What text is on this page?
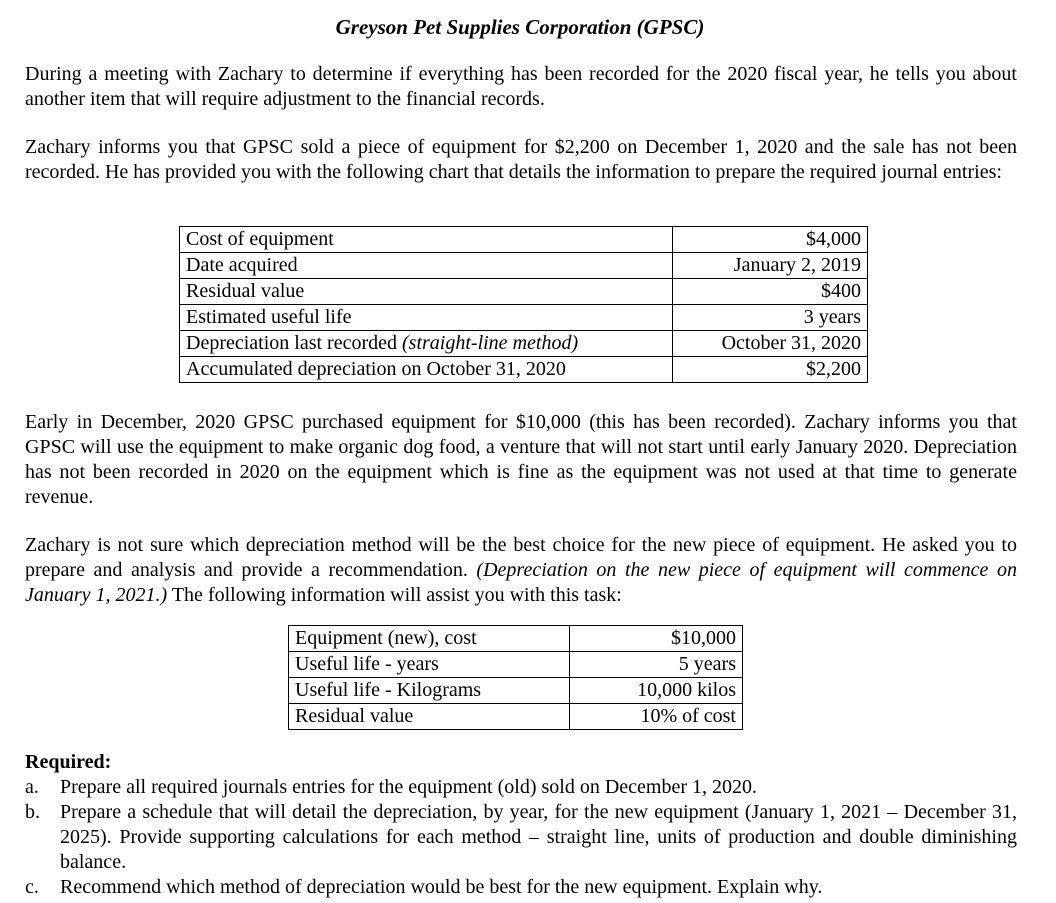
Greyson Pet Supplies Corporation (GPSC)

During a meeting with Zachary to determine if everything has been recorded for the 2020 fiscal year, he tells you about another item that will require adjustment to the financial records.

Zachary informs you that GPSC sold a piece of equipment for $2,200 on December 1, 2020 and the sale has not been recorded. He has provided you with the following chart that details the information to prepare the required journal entries:

Cost of equipment	$4,000
Date acquired	January 2, 2019
Residual value	$400
Estimated useful life	3 years
Depreciation last recorded (straight-line method)	October 31, 2020
Accumulated depreciation on October 31, 2020	$2,200

Early in December, 2020 GPSC purchased equipment for $10,000 (this has been recorded). Zachary informs you that GPSC will use the equipment to make organic dog food, a venture that will not start until early January 2020. Depreciation has not been recorded in 2020 on the equipment which is fine as the equipment was not used at that time to generate revenue.

Zachary is not sure which depreciation method will be the best choice for the new piece of equipment. He asked you to prepare and analysis and provide a recommendation. (Depreciation on the new piece of equipment will commence on January 1, 2021.) The following information will assist you with this task:

Equipment (new), cost	$10,000
Useful life - years	5 years
Useful life - Kilograms	10,000 kilos
Residual value	10% of cost
Required:
a.	Prepare all required journals entries for the equipment (old) sold on December 1, 2020.
b.	Prepare a schedule that will detail the depreciation, by year, for the new equipment (January 1, 2021 – December 31, 2025). Provide supporting calculations for each method – straight line, units of production and double diminishing balance.
c.	Recommend which method of depreciation would be best for the new equipment. Explain why.
